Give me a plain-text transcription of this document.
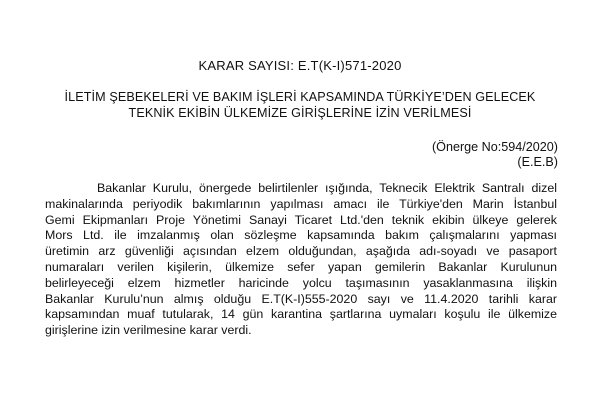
KARAR SAYISI: E.T(K-I)571-2020
İLETİM ŞEBEKELERİ VE BAKIM İŞLERİ KAPSAMINDA TÜRKİYE’DEN GELECEK
TEKNİK EKİBİN ÜLKEMİZE GİRİŞLERİNE İZİN VERİLMESİ
(Önerge No:594/2020)
(E.E.B)
Bakanlar Kurulu, önergede belirtilenler ışığında, Teknecik Elektrik Santralı dizel
makinalarında periyodik bakımlarının yapılması amacı ile Türkiye'den Marin İstanbul
Gemi Ekipmanları Proje Yönetimi Sanayi Ticaret Ltd.'den teknik ekibin ülkeye gelerek
Mors Ltd. ile imzalanmış olan sözleşme kapsamında bakım çalışmalarını yapması
üretimin arz güvenliği açısından elzem olduğundan, aşağıda adı-soyadı ve pasaport
numaraları verilen kişilerin, ülkemize sefer yapan gemilerin Bakanlar Kurulunun
belirleyeceği elzem hizmetler haricinde yolcu taşımasının yasaklanmasına ilişkin
Bakanlar Kurulu’nun almış olduğu E.T(K-I)555-2020 sayı ve 11.4.2020 tarihli karar
kapsamından muaf tutularak, 14 gün karantina şartlarına uymaları koşulu ile ülkemize
girişlerine izin verilmesine karar verdi.
